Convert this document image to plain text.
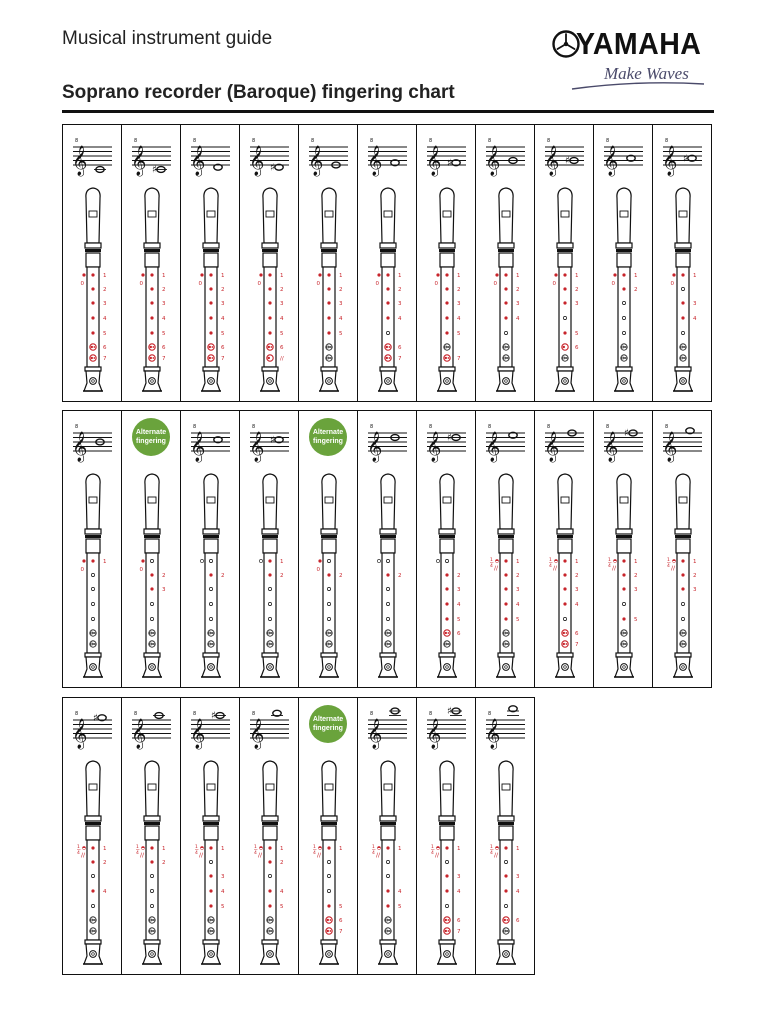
Musical instrument guide
Soprano recorder (Baroque) fingering chart
YAMAHA
Make Waves
𝄞
8
0
1
2
3
4
5
6
7
𝄞
8
♯
0
1
2
3
4
5
6
7
𝄞
8
0
1
2
3
4
5
6
7
𝄞
8
♯
0
1
2
3
4
5
6
∕∕
𝄞
8
0
1
2
3
4
5
𝄞
8
0
1
2
3
4
6
7
𝄞
8
♯
0
1
2
3
4
5
7
𝄞
8
0
1
2
3
4
𝄞
8
♯
0
1
2
3
5
6
𝄞
8
0
1
2
𝄞
8
♯
0
1
3
4
𝄞
8
0
1
Alternate fingering
0
2
3
𝄞
8
2
𝄞
8
♯
1
2
Alternate fingering
0
2
𝄞
8
2
𝄞
8
♯
2
3
4
5
6
𝄞
8
1
4 ∕∕
1
2
3
4
5
𝄞
8
1
4 ∕∕
1
2
3
4
6
7
𝄞
8
♯
1
4 ∕∕
1
2
3
5
𝄞
8
1
4 ∕∕
1
2
3
𝄞
8 ♯
1
4 ∕∕
1
2
4
𝄞
8
1
4 ∕∕
1
2
𝄞
8 ♯
1
4 ∕∕
1
3
4
5
𝄞
8
1
4 ∕∕
1
2
4
5
Alternate fingering
1
4 ∕∕
1
5
6
7
𝄞
8
1
4 ∕∕
1
4
5
𝄞
8 ♯
1
4 ∕∕
1
3
4
6
7
𝄞
8
1
4 ∕∕
1
3
4
6
